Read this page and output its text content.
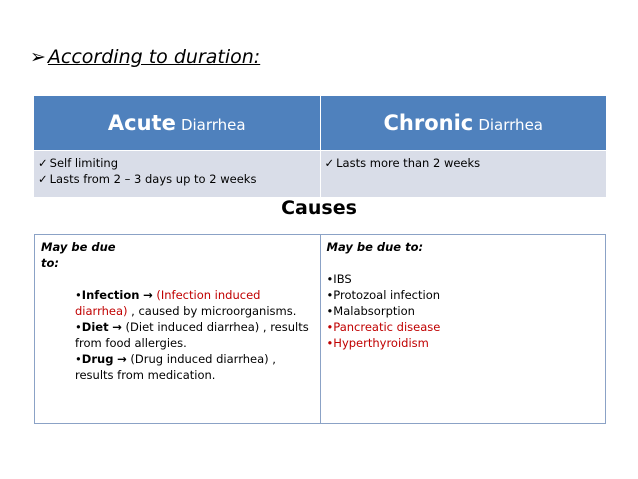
➢ According to duration:
Acute Diarrhea	Chronic Diarrhea

✓ Self limiting
✓ Lasts from 2 – 3 days up to 2 weeks	✓ Lasts more than 2 weeks
Causes
May be due to:
•Infection → (Infection induced diarrhea) , caused by microorganisms.
•Diet → (Diet induced diarrhea) , results from food allergies.
•Drug → (Drug induced diarrhea) , results from medication.

May be due to:
•IBS
•Protozoal infection
•Malabsorption
•Pancreatic disease
•Hyperthyroidism
